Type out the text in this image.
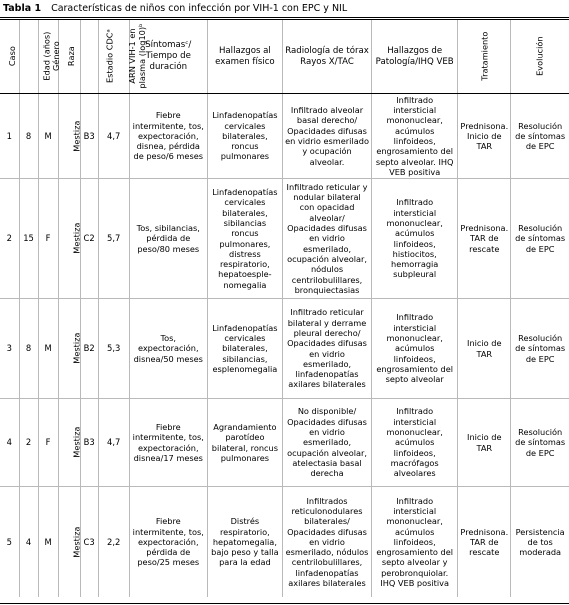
Tabla 1 Características de niños con infección por VIH-1 con EPC y NIL
Caso	Edad (años)	Género	Raza	Estadio CDCᵃ	ARN VIH-1 en plasma (log10)ᵇ	Síntomasᶜ/ Tiempo de duración	Hallazgos al examen físico	Radiología de tórax Rayos X/TAC	Hallazgos de Patología/IHQ VEB	Tratamiento	Evolución
1	8	M	Mestiza	B3	4,7	Fiebre intermitente, tos, expectoración, disnea, pérdida de peso/6 meses	Linfadenopatías cervicales bilaterales, roncus pulmonares	Infiltrado alveolar basal derecho/ Opacidades difusas en vidrio esmerilado y ocupación alveolar.	Infiltrado intersticial mononuclear, acúmulos linfoideos, engrosamiento del septo alveolar. IHQ VEB positiva	Prednisona. Inicio de TAR	Resolución de síntomas de EPC
2	15	F	Mestiza	C2	5,7	Tos, sibilancias, pérdida de peso/80 meses	Linfadenopatías cervicales bilaterales, sibilancias roncus pulmonares, distress respiratorio, hepatoesple-nomegalia	Infiltrado reticular y nodular bilateral con opacidad alveolar/ Opacidades difusas en vidrio esmerilado, ocupación alveolar, nódulos centrilobulillares, bronquiectasias	Infiltrado intersticial mononuclear, acúmulos linfoideos, histiocitos, hemorragia subpleural	Prednisona. TAR de rescate	Resolución de síntomas de EPC
3	8	M	Mestiza	B2	5,3	Tos, expectoración, disnea/50 meses	Linfadenopatías cervicales bilaterales, sibilancias, esplenomegalia	Infiltrado reticular bilateral y derrame pleural derecho/ Opacidades difusas en vidrio esmerilado, linfadenopatías axilares bilaterales	Infiltrado intersticial mononuclear, acúmulos linfoideos, engrosamiento del septo alveolar	Inicio de TAR	Resolución de síntomas de EPC
4	2	F	Mestiza	B3	4,7	Fiebre intermitente, tos, expectoración, disnea/17 meses	Agrandamiento parotídeo bilateral, roncus pulmonares	No disponible/ Opacidades difusas en vidrio esmerilado, ocupación alveolar, atelectasia basal derecha	Infiltrado intersticial mononuclear, acúmulos linfoideos, macrófagos alveolares	Inicio de TAR	Resolución de síntomas de EPC
5	4	M	Mestiza	C3	2,2	Fiebre intermitente, tos, expectoración, pérdida de peso/25 meses	Distrés respiratorio, hepatomegalia, bajo peso y talla para la edad	Infiltrados reticulonodulares bilaterales/ Opacidades difusas en vidrio esmerilado, nódulos centrilobulillares, linfadenopatías axilares bilaterales	Infiltrado intersticial mononuclear, acúmulos linfoideos, engrosamiento del septo alveolar y perobronquiolar. IHQ VEB positiva	Prednisona. TAR de rescate	Persistencia de tos moderada
